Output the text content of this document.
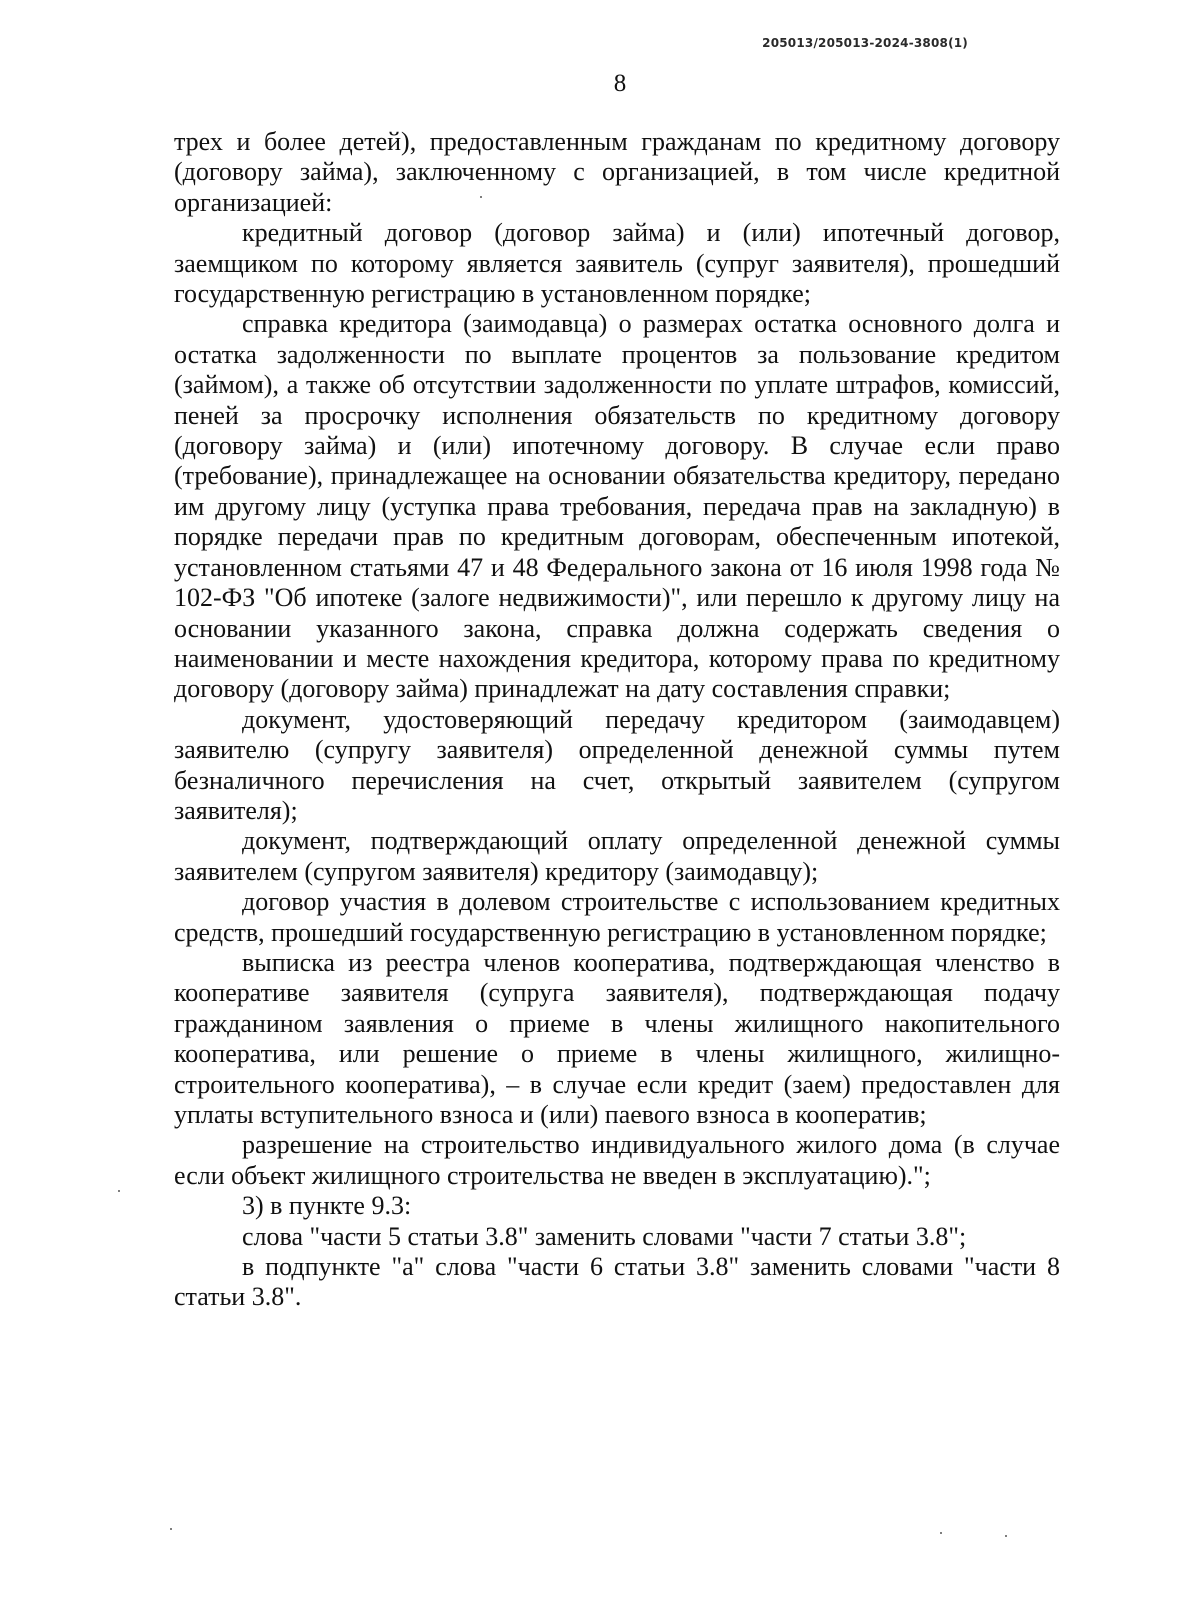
205013/205013-2024-3808(1)
8

трех и более детей), предоставленным гражданам по кредитному договору (договору займа), заключенному с организацией, в том числе кредитной организацией:

кредитный договор (договор займа) и (или) ипотечный договор, заемщиком по которому является заявитель (супруг заявителя), прошедший государственную регистрацию в установленном порядке;

справка кредитора (заимодавца) о размерах остатка основного долга и остатка задолженности по выплате процентов за пользование кредитом (займом), а также об отсутствии задолженности по уплате штрафов, комиссий, пеней за просрочку исполнения обязательств по кредитному договору (договору займа) и (или) ипотечному договору. В случае если право (требование), принадлежащее на основании обязательства кредитору, передано им другому лицу (уступка права требования, передача прав на закладную) в порядке передачи прав по кредитным договорам, обеспеченным ипотекой, установленном статьями 47 и 48 Федерального закона от 16 июля 1998 года № 102-ФЗ "Об ипотеке (залоге недвижимости)", или перешло к другому лицу на основании указанного закона, справка должна содержать сведения о наименовании и месте нахождения кредитора, которому права по кредитному договору (договору займа) принадлежат на дату составления справки;

документ, удостоверяющий передачу кредитором (заимодавцем) заявителю (супругу заявителя) определенной денежной суммы путем безналичного перечисления на счет, открытый заявителем (супругом заявителя);

документ, подтверждающий оплату определенной денежной суммы заявителем (супругом заявителя) кредитору (заимодавцу);

договор участия в долевом строительстве с использованием кредитных средств, прошедший государственную регистрацию в установленном порядке;

выписка из реестра членов кооператива, подтверждающая членство в кооперативе заявителя (супруга заявителя), подтверждающая подачу гражданином заявления о приеме в члены жилищного накопительного кооператива, или решение о приеме в члены жилищного, жилищно-строительного кооператива), – в случае если кредит (заем) предоставлен для уплаты вступительного взноса и (или) паевого взноса в кооператив;

разрешение на строительство индивидуального жилого дома (в случае если объект жилищного строительства не введен в эксплуатацию).";

3) в пункте 9.3:

слова "части 5 статьи 3.8" заменить словами "части 7 статьи 3.8";

в подпункте "а" слова "части 6 статьи 3.8" заменить словами "части 8 статьи 3.8".
